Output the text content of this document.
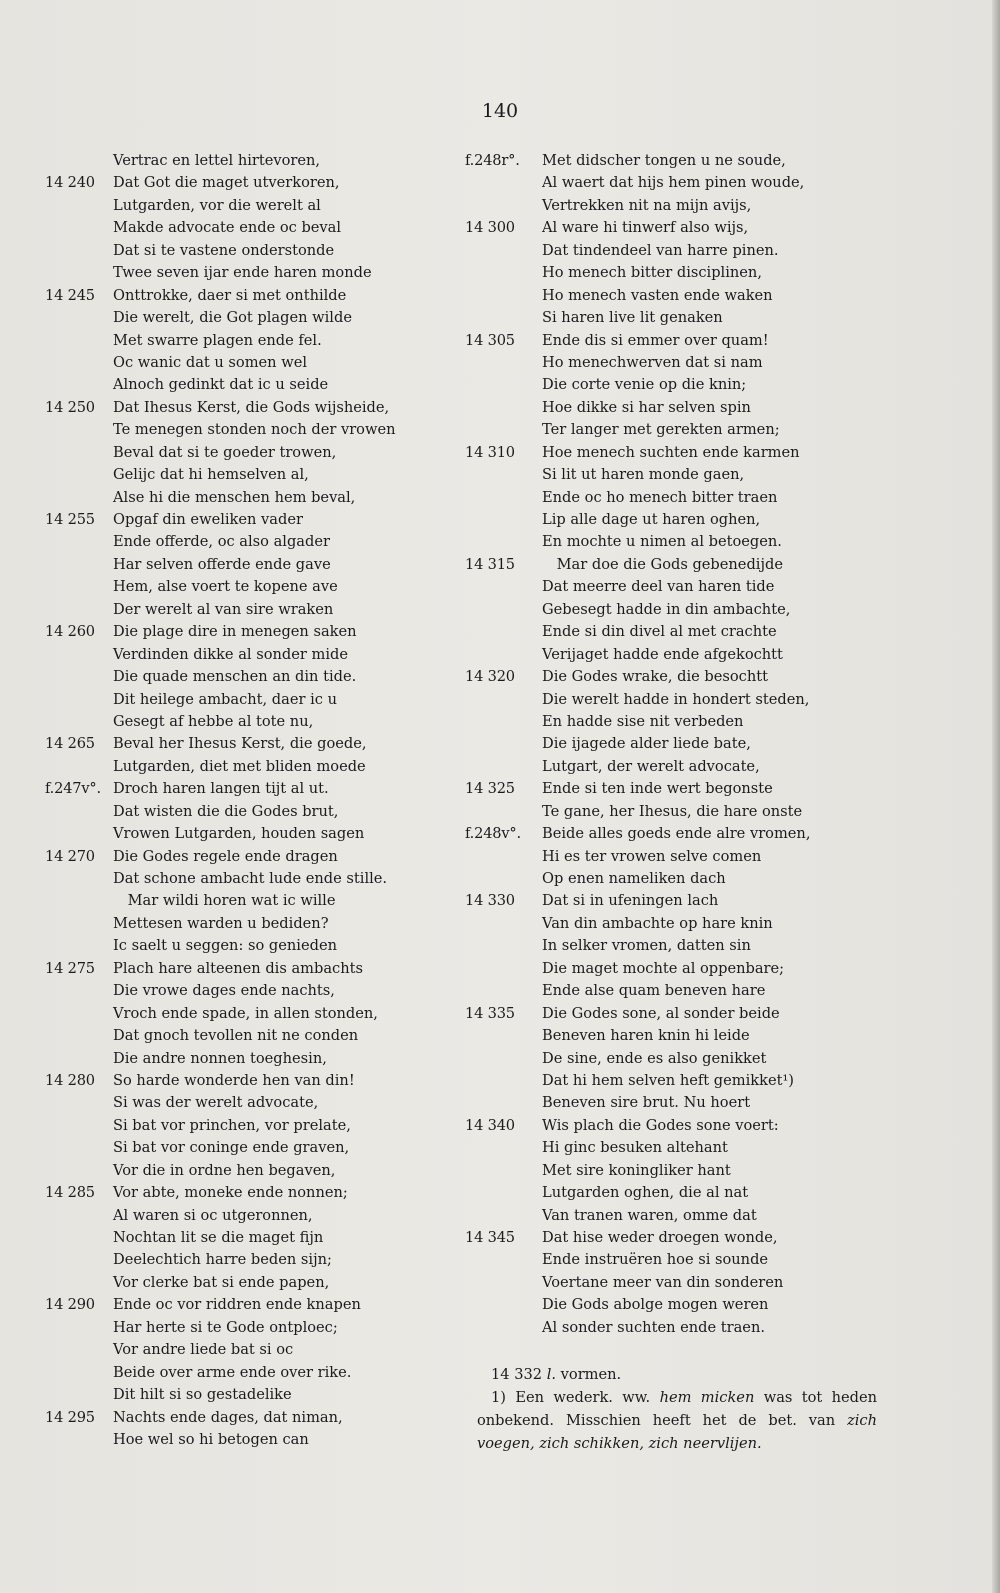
140
Vertrac en lettel hirtevoren,
14 240	Dat Got die maget utverkoren,
Lutgarden, vor die werelt al
Makde advocate ende oc beval
Dat si te vastene onderstonde
Twee seven ijar ende haren monde
14 245	Onttrokke, daer si met onthilde
Die werelt, die Got plagen wilde
Met swarre plagen ende fel.
Oc wanic dat u somen wel
Alnoch gedinkt dat ic u seide
14 250	Dat Ihesus Kerst, die Gods wijsheide,
Te menegen stonden noch der vrowen
Beval dat si te goeder trowen,
Gelijc dat hi hemselven al,
Alse hi die menschen hem beval,
14 255	Opgaf din eweliken vader
Ende offerde, oc also algader
Har selven offerde ende gave
Hem, alse voert te kopene ave
Der werelt al van sire wraken
14 260	Die plage dire in menegen saken
Verdinden dikke al sonder mide
Die quade menschen an din tide.
Dit heilege ambacht, daer ic u
Gesegt af hebbe al tote nu,
14 265	Beval her Ihesus Kerst, die goede,
Lutgarden, diet met bliden moede
f.247v°. Droch haren langen tijt al ut.
Dat wisten die die Godes brut,
Vrowen Lutgarden, houden sagen
14 270	Die Godes regele ende dragen
Dat schone ambacht lude ende stille.
 Mar wildi horen wat ic wille
Mettesen warden u bediden?
Ic saelt u seggen: so genieden
14 275	Plach hare alteenen dis ambachts
Die vrowe dages ende nachts,
Vroch ende spade, in allen stonden,
Dat gnoch tevollen nit ne conden
Die andre nonnen toeghesin,
14 280	So harde wonderde hen van din!
Si was der werelt advocate,
Si bat vor princhen, vor prelate,
Si bat vor coninge ende graven,
Vor die in ordne hen begaven,
14 285	Vor abte, moneke ende nonnen;
Al waren si oc utgeronnen,
Nochtan lit se die maget fijn
Deelechtich harre beden sijn;
Vor clerke bat si ende papen,
14 290	Ende oc vor riddren ende knapen
Har herte si te Gode ontploec;
Vor andre liede bat si oc
Beide over arme ende over rike.
Dit hilt si so gestadelike
14 295	Nachts ende dages, dat niman,
Hoe wel so hi betogen can
f.248r°.	Met didscher tongen u ne soude,
Al waert dat hijs hem pinen woude,
Vertrekken nit na mijn avijs,
14 300	Al ware hi tinwerf also wijs,
Dat tindendeel van harre pinen.
Ho menech bitter disciplinen,
Ho menech vasten ende waken
Si haren live lit genaken
14 305	Ende dis si emmer over quam!
Ho menechwerven dat si nam
Die corte venie op die knin;
Hoe dikke si har selven spin
Ter langer met gerekten armen;
14 310	Hoe menech suchten ende karmen
Si lit ut haren monde gaen,
Ende oc ho menech bitter traen
Lip alle dage ut haren oghen,
En mochte u nimen al betoegen.
14 315	 Mar doe die Gods gebenedijde
Dat meerre deel van haren tide
Gebesegt hadde in din ambachte,
Ende si din divel al met crachte
Verijaget hadde ende afgekochtt
14 320	Die Godes wrake, die besochtt
Die werelt hadde in hondert steden,
En hadde sise nit verbeden
Die ijagede alder liede bate,
Lutgart, der werelt advocate,
14 325	Ende si ten inde wert begonste
Te gane, her Ihesus, die hare onste
f.248v°.	Beide alles goeds ende alre vromen,
Hi es ter vrowen selve comen
Op enen nameliken dach
14 330	Dat si in ufeningen lach
Van din ambachte op hare knin
In selker vromen, datten sin
Die maget mochte al oppenbare;
Ende alse quam beneven hare
14 335	Die Godes sone, al sonder beide
Beneven haren knin hi leide
De sine, ende es also genikket
Dat hi hem selven heft gemikket¹)
Beneven sire brut. Nu hoert
14 340	Wis plach die Godes sone voert:
Hi ginc besuken altehant
Met sire koningliker hant
Lutgarden oghen, die al nat
Van tranen waren, omme dat
14 345	Dat hise weder droegen wonde,
Ende instruëren hoe si sounde
Voertane meer van din sonderen
Die Gods abolge mogen weren
Al sonder suchten ende traen.
14 332 l. vormen.
1) Een wederk. ww. hem micken was tot heden onbekend. Misschien heeft het de bet. van zich voegen, zich schikken, zich neervlijen.
